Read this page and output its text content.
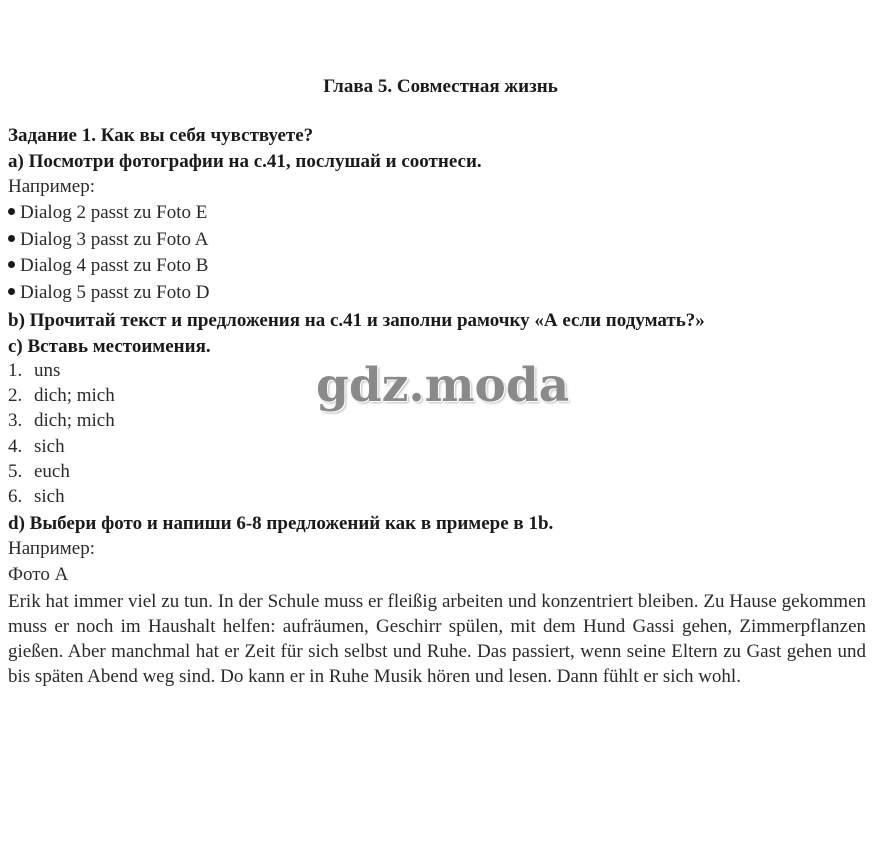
Глава 5. Совместная жизнь
Задание 1. Как вы себя чувствуете?
a) Посмотри фотографии на с.41, послушай и соотнеси.
Например:
Dialog 2 passt zu Foto E
Dialog 3 passt zu Foto A
Dialog 4 passt zu Foto B
Dialog 5 passt zu Foto D
b) Прочитай текст и предложения на с.41 и заполни рамочку «А если подумать?»
c) Вставь местоимения.
1. uns
2. dich; mich
3. dich; mich
4. sich
5. euch
6. sich
d) Выбери фото и напиши 6-8 предложений как в примере в 1b.
Например:
Фото А
Erik hat immer viel zu tun. In der Schule muss er fleißig arbeiten und konzentriert bleiben. Zu Hause gekommen muss er noch im Haushalt helfen: aufräumen, Geschirr spülen, mit dem Hund Gassi gehen, Zimmerpflanzen gießen. Aber manchmal hat er Zeit für sich selbst und Ruhe. Das passiert, wenn seine Eltern zu Gast gehen und bis späten Abend weg sind. Do kann er in Ruhe Musik hören und lesen. Dann fühlt er sich wohl.
gdz.moda
